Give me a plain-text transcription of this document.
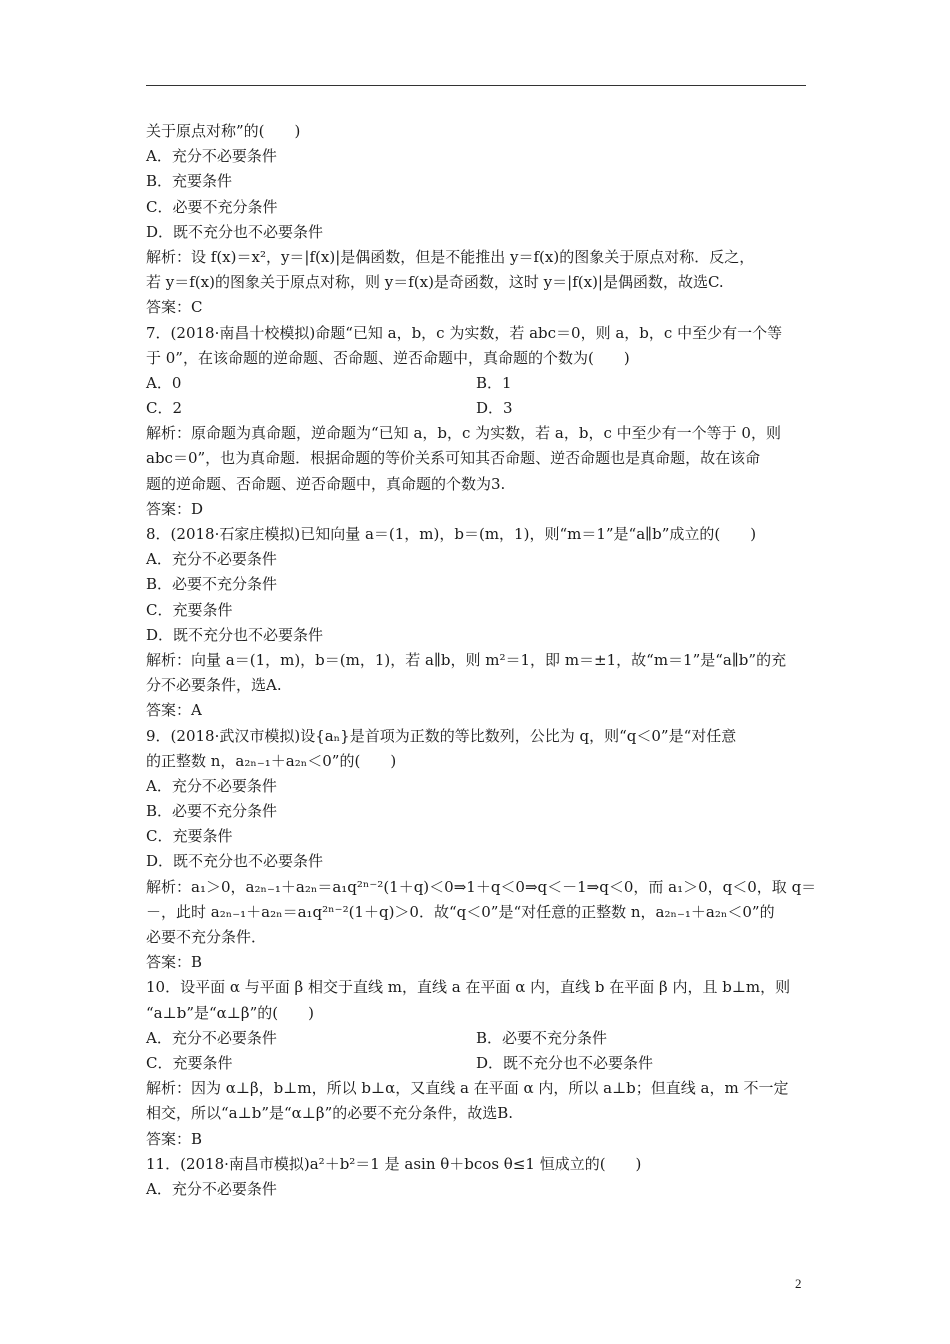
关于原点对称”的(　　)
A．充分不必要条件
B．充要条件
C．必要不充分条件
D．既不充分也不必要条件
解析：设 f(x)＝x²，y＝|f(x)|是偶函数，但是不能推出 y＝f(x)的图象关于原点对称．反之，
若 y＝f(x)的图象关于原点对称，则 y＝f(x)是奇函数，这时 y＝|f(x)|是偶函数，故选C.
答案：C
7．(2018·南昌十校模拟)命题“已知 a，b，c 为实数，若 abc＝0，则 a，b，c 中至少有一个等
于 0”，在该命题的逆命题、否命题、逆否命题中，真命题的个数为(　　)
A．0	B．1
C．2	D．3
解析：原命题为真命题，逆命题为“已知 a，b，c 为实数，若 a，b，c 中至少有一个等于 0，则
abc＝0”，也为真命题．根据命题的等价关系可知其否命题、逆否命题也是真命题，故在该命
题的逆命题、否命题、逆否命题中，真命题的个数为3.
答案：D
8．(2018·石家庄模拟)已知向量 a＝(1，m)，b＝(m，1)，则“m＝1”是“a∥b”成立的(　　)
A．充分不必要条件
B．必要不充分条件
C．充要条件
D．既不充分也不必要条件
解析：向量 a＝(1，m)，b＝(m，1)，若 a∥b，则 m²＝1，即 m＝±1，故“m＝1”是“a∥b”的充
分不必要条件，选A.
答案：A
9．(2018·武汉市模拟)设{aₙ}是首项为正数的等比数列，公比为 q，则“q＜0”是“对任意
的正整数 n，a₂ₙ₋₁＋a₂ₙ＜0”的(　　)
A．充分不必要条件
B．必要不充分条件
C．充要条件
D．既不充分也不必要条件
解析：a₁＞0，a₂ₙ₋₁＋a₂ₙ＝a₁q²ⁿ⁻²(1＋q)＜0⇒1＋q＜0⇒q＜－1⇒q＜0，而 a₁＞0，q＜0，取 q＝
－，此时 a₂ₙ₋₁＋a₂ₙ＝a₁q²ⁿ⁻²(1＋q)＞0．故“q＜0”是“对任意的正整数 n，a₂ₙ₋₁＋a₂ₙ＜0”的
必要不充分条件．
答案：B
10．设平面 α 与平面 β 相交于直线 m，直线 a 在平面 α 内，直线 b 在平面 β 内，且 b⊥m，则
“a⊥b”是“α⊥β”的(　　)
A．充分不必要条件	B．必要不充分条件
C．充要条件	D．既不充分也不必要条件
解析：因为 α⊥β，b⊥m，所以 b⊥α，又直线 a 在平面 α 内，所以 a⊥b；但直线 a，m 不一定
相交，所以“a⊥b”是“α⊥β”的必要不充分条件，故选B.
答案：B
11．(2018·南昌市模拟)a²＋b²＝1 是 asin θ＋bcos θ≤1 恒成立的(　　)
A．充分不必要条件
2
